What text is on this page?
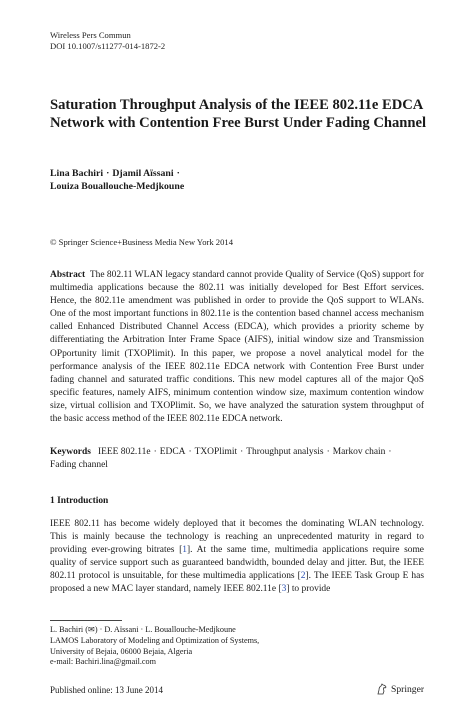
Wireless Pers Commun
DOI 10.1007/s11277-014-1872-2
Saturation Throughput Analysis of the IEEE 802.11e EDCA Network with Contention Free Burst Under Fading Channel
Lina Bachiri · Djamil Aïssani ·
Louiza Bouallouche-Medjkoune
© Springer Science+Business Media New York 2014

Abstract The 802.11 WLAN legacy standard cannot provide Quality of Service (QoS) support for multimedia applications because the 802.11 was initially developed for Best Effort services. Hence, the 802.11e amendment was published in order to provide the QoS support to WLANs. One of the most important functions in 802.11e is the contention based channel access mechanism called Enhanced Distributed Channel Access (EDCA), which provides a priority scheme by differentiating the Arbitration Inter Frame Space (AIFS), initial window size and Transmission OPportunity limit (TXOPlimit). In this paper, we propose a novel analytical model for the performance analysis of the IEEE 802.11e EDCA network with Contention Free Burst under fading channel and saturated traffic conditions. This new model captures all of the major QoS specific features, namely AIFS, minimum contention window size, maximum contention window size, virtual collision and TXOPlimit. So, we have analyzed the saturation system throughput of the basic access method of the IEEE 802.11e EDCA network.

Keywords IEEE 802.11e · EDCA · TXOPlimit · Throughput analysis · Markov chain ·
Fading channel

1 Introduction

IEEE 802.11 has become widely deployed that it becomes the dominating WLAN technology. This is mainly because the technology is reaching an unprecedented maturity in regard to providing ever-growing bitrates [1]. At the same time, multimedia applications require some quality of service support such as guaranteed bandwidth, bounded delay and jitter. But, the IEEE 802.11 protocol is unsuitable, for these multimedia applications [2]. The IEEE Task Group E has proposed a new MAC layer standard, namely IEEE 802.11e [3] to provide

L. Bachiri (✉) · D. Aïssani · L. Bouallouche-Medjkoune
LAMOS Laboratory of Modeling and Optimization of Systems,
University of Bejaia, 06000 Bejaia, Algeria
e-mail: Bachiri.lina@gmail.com
Published online: 13 June 2014	Springer
